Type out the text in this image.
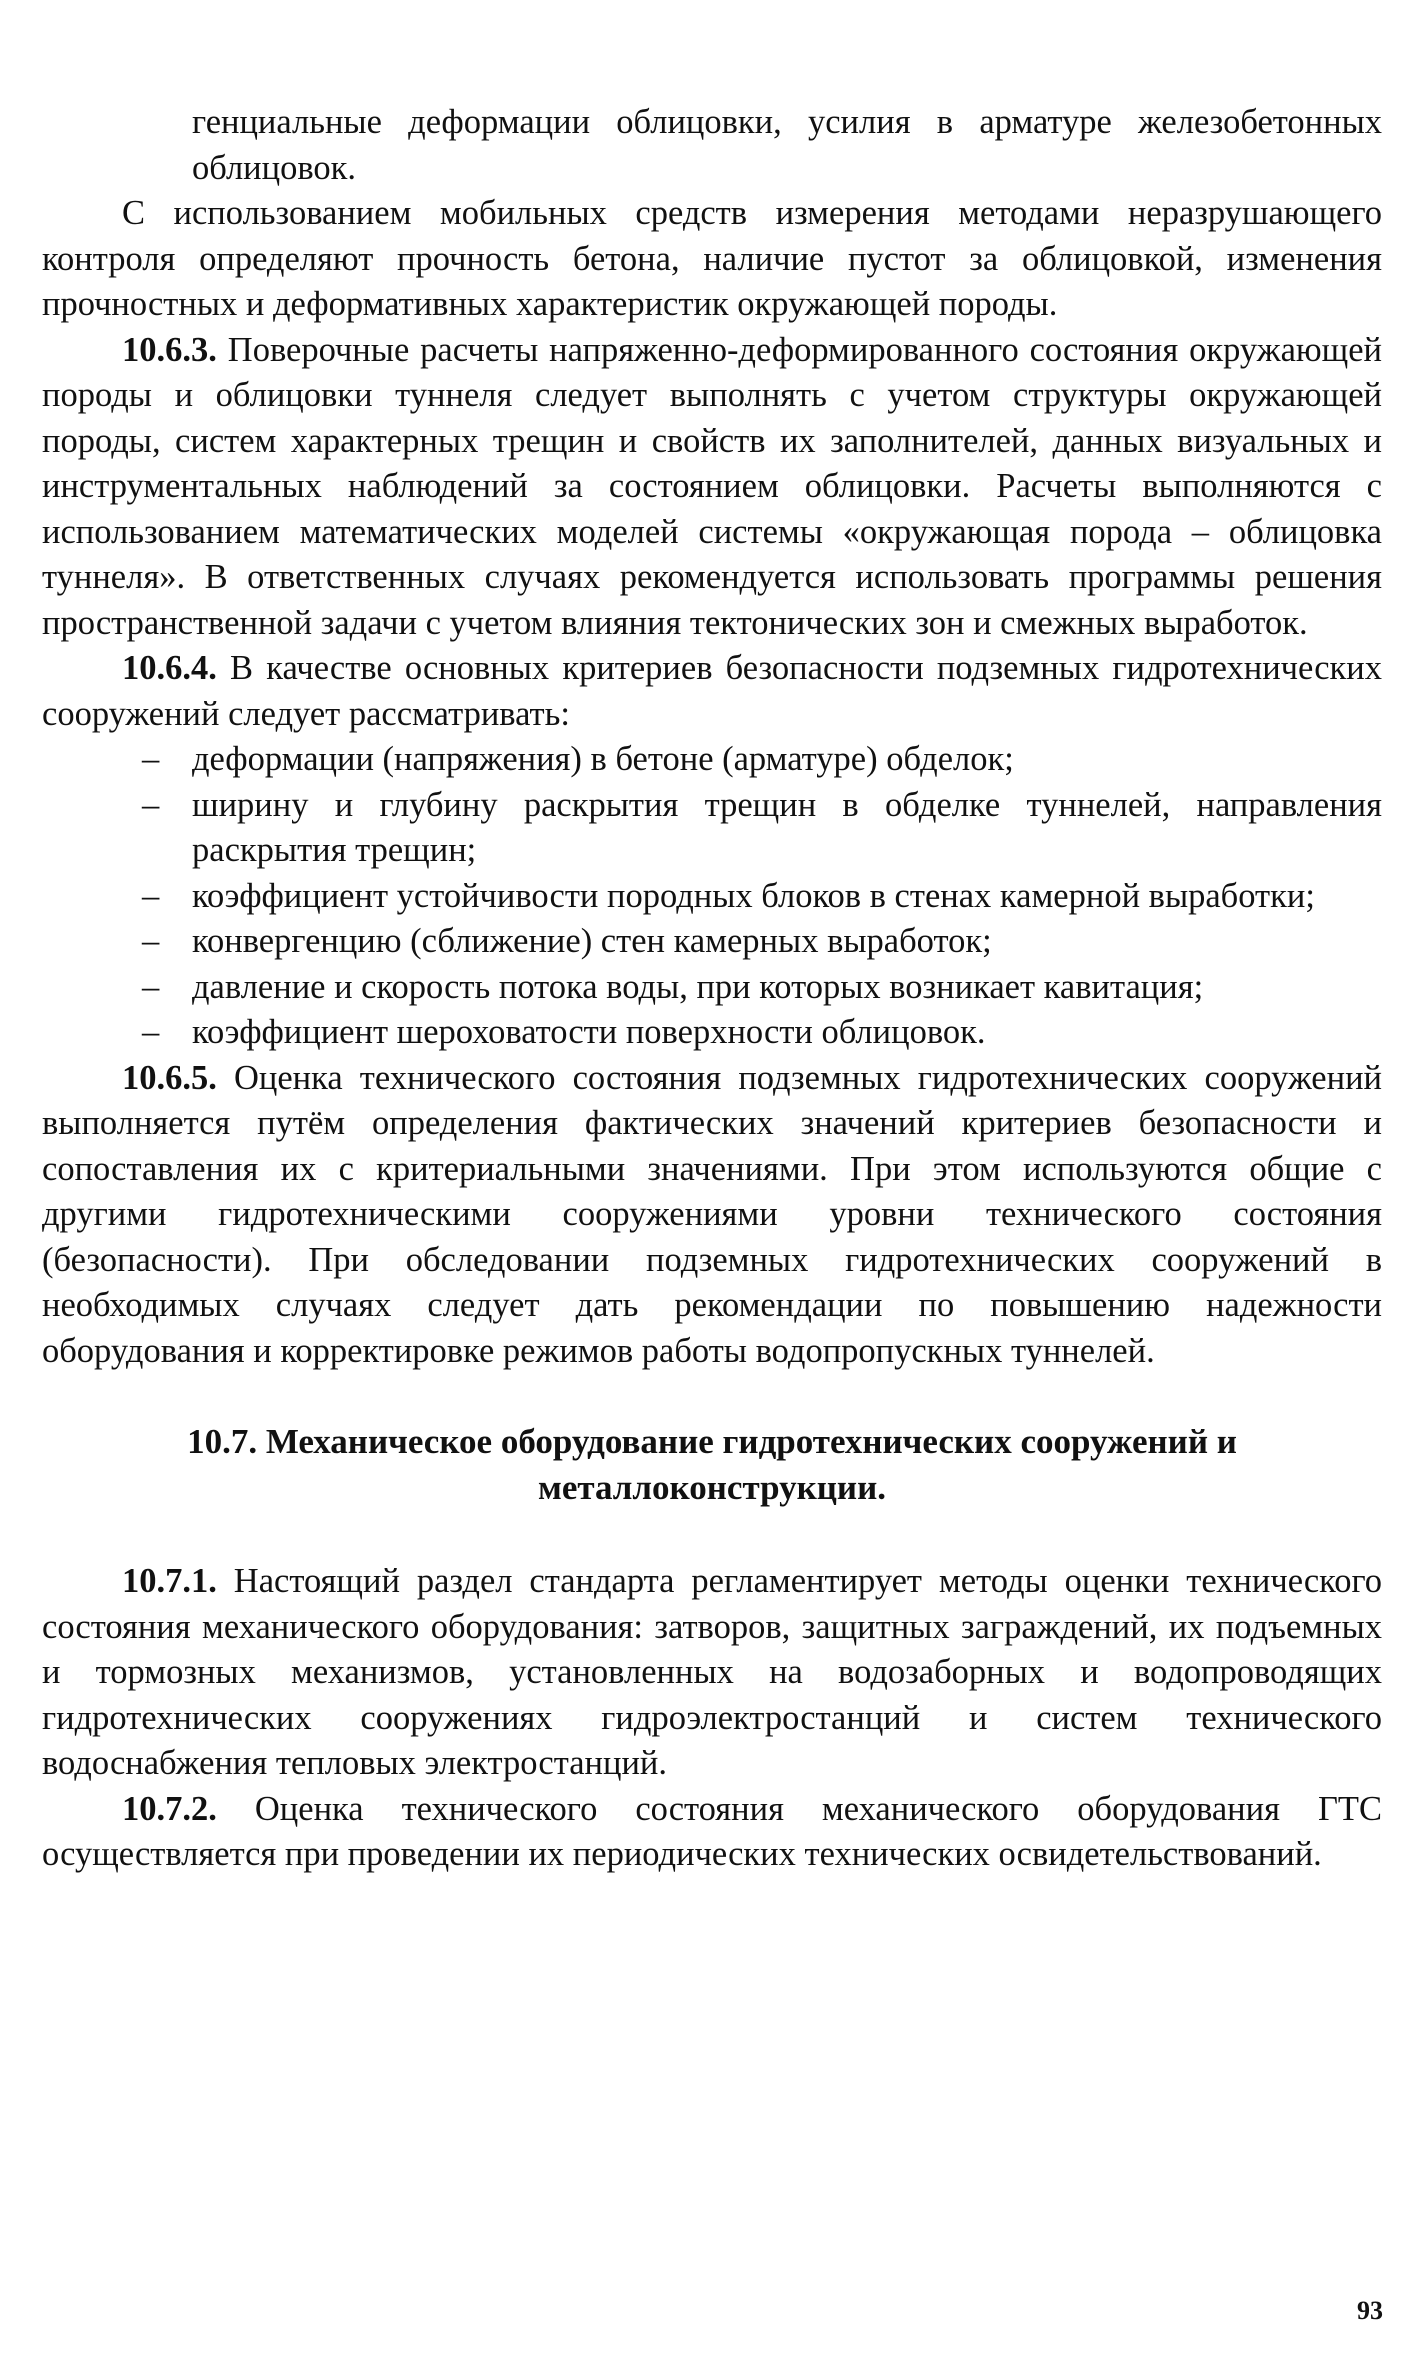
генциальные деформации облицовки, усилия в арматуре железобетонных облицовок.

С использованием мобильных средств измерения методами неразрушающего контроля определяют прочность бетона, наличие пустот за облицовкой, изменения прочностных и деформативных характеристик окружающей породы.

10.6.3. Поверочные расчеты напряженно-деформированного состояния окружающей породы и облицовки туннеля следует выполнять с учетом структуры окружающей породы, систем характерных трещин и свойств их заполнителей, данных визуальных и инструментальных наблюдений за состоянием облицовки. Расчеты выполняются с использованием математических моделей системы «окружающая порода – облицовка туннеля». В ответственных случаях рекомендуется использовать программы решения пространственной задачи с учетом влияния тектонических зон и смежных выработок.

10.6.4. В качестве основных критериев безопасности подземных гидротехнических сооружений следует рассматривать:

– деформации (напряжения) в бетоне (арматуре) обделок;
– ширину и глубину раскрытия трещин в обделке туннелей, направления раскрытия трещин;
– коэффициент устойчивости породных блоков в стенах камерной выработки;
– конвергенцию (сближение) стен камерных выработок;
– давление и скорость потока воды, при которых возникает кавитация;
– коэффициент шероховатости поверхности облицовок.

10.6.5. Оценка технического состояния подземных гидротехнических сооружений выполняется путём определения фактических значений критериев безопасности и сопоставления их с критериальными значениями. При этом используются общие с другими гидротехническими сооружениями уровни технического состояния (безопасности). При обследовании подземных гидротехнических сооружений в необходимых случаях следует дать рекомендации по повышению надежности оборудования и корректировке режимов работы водопропускных туннелей.

10.7. Механическое оборудование гидротехнических сооружений и
металлоконструкции.

10.7.1. Настоящий раздел стандарта регламентирует методы оценки технического состояния механического оборудования: затворов, защитных заграждений, их подъемных и тормозных механизмов, установленных на водозаборных и водопроводящих гидротехнических сооружениях гидроэлектростанций и систем технического водоснабжения тепловых электростанций.

10.7.2. Оценка технического состояния механического оборудования ГТС осуществляется при проведении их периодических технических освидетельствований.

93
